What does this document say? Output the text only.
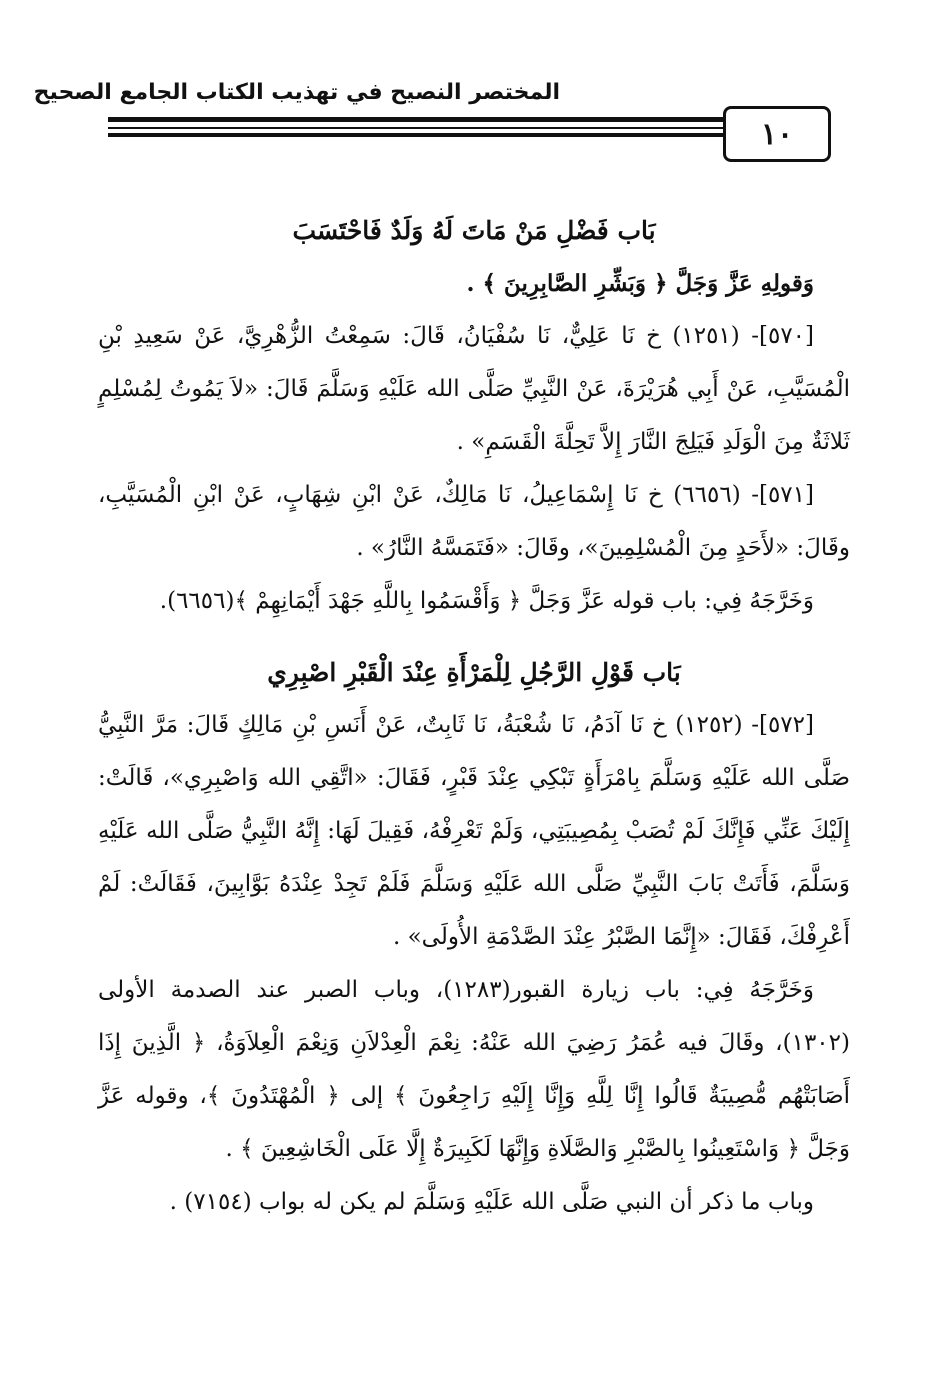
المختصر النصيح في تهذيب الكتاب الجامع الصحيح
١٠

بَاب فَضْلِ مَنْ مَاتَ لَهُ وَلَدٌ فَاحْتَسَبَ

وَقولِهِ عَزَّ وَجَلَّ ﴿ وَبَشِّرِ الصَّابِرِينَ ﴾ .

[٥٧٠]- (١٢٥١) خ نَا عَلِيٌّ، نَا سُفْيَانُ، قَالَ: سَمِعْتُ الزُّهْرِيَّ، عَنْ سَعِيدِ بْنِ الْمُسَيَّبِ، عَنْ أَبِي هُرَيْرَةَ، عَنْ النَّبِيِّ صَلَّى الله عَلَيْهِ وَسَلَّمَ قَالَ: «لاَ يَمُوتُ لِمُسْلِمٍ ثَلاثَةٌ مِنَ الْوَلَدِ فَيَلِجَ النَّارَ إِلاَّ تَحِلَّةَ الْقَسَمِ» .

[٥٧١]- (٦٦٥٦) خ نَا إِسْمَاعِيلُ، نَا مَالِكٌ، عَنْ ابْنِ شِهَابٍ، عَنْ ابْنِ الْمُسَيَّبِ، وقَالَ: «لأَحَدٍ مِنَ الْمُسْلِمِينَ»، وقَالَ: «فَتَمَسَّهُ النَّارُ» .

وَخَرَّجَهُ فِي: باب قوله عَزَّ وَجَلَّ ﴿ وَأَقْسَمُوا بِاللَّهِ جَهْدَ أَيْمَانِهِمْ ﴾(٦٦٥٦).

بَاب قَوْلِ الرَّجُلِ لِلْمَرْأَةِ عِنْدَ الْقَبْرِ اصْبِرِي

[٥٧٢]- (١٢٥٢) خ نَا آدَمُ، نَا شُعْبَةُ، نَا ثَابِتٌ، عَنْ أَنَسِ بْنِ مَالِكٍ قَالَ: مَرَّ النَّبِيُّ صَلَّى الله عَلَيْهِ وَسَلَّمَ بِامْرَأَةٍ تَبْكِي عِنْدَ قَبْرٍ، فَقَالَ: «اتَّقِي الله وَاصْبِرِي»، قَالَتْ: إِلَيْكَ عَنِّي فَإِنَّكَ لَمْ تُصَبْ بِمُصِيبَتِي، وَلَمْ تَعْرِفْهُ، فَقِيلَ لَهَا: إِنَّهُ النَّبِيُّ صَلَّى الله عَلَيْهِ وَسَلَّمَ، فَأَتَتْ بَابَ النَّبِيِّ صَلَّى الله عَلَيْهِ وَسَلَّمَ فَلَمْ تَجِدْ عِنْدَهُ بَوَّابِينَ، فَقَالَتْ: لَمْ أَعْرِفْكَ، فَقَالَ: «إِنَّمَا الصَّبْرُ عِنْدَ الصَّدْمَةِ الأُولَى» .

وَخَرَّجَهُ فِي: باب زيارة القبور(١٢٨٣)، وباب الصبر عند الصدمة الأولى (١٣٠٢)، وقَالَ فيه عُمَرُ رَضِيَ الله عَنْهُ: نِعْمَ الْعِدْلاَنِ وَنِعْمَ الْعِلاَوَةُ، ﴿ الَّذِينَ إِذَا أَصَابَتْهُم مُّصِيبَةٌ قَالُوا إِنَّا لِلَّهِ وَإِنَّا إِلَيْهِ رَاجِعُونَ ﴾ إلى ﴿ الْمُهْتَدُونَ ﴾، وقوله عَزَّ وَجَلَّ ﴿ وَاسْتَعِينُوا بِالصَّبْرِ وَالصَّلَاةِ وَإِنَّهَا لَكَبِيرَةٌ إِلَّا عَلَى الْخَاشِعِينَ ﴾ .

وباب ما ذكر أن النبي صَلَّى الله عَلَيْهِ وَسَلَّمَ لم يكن له بواب (٧١٥٤) .
